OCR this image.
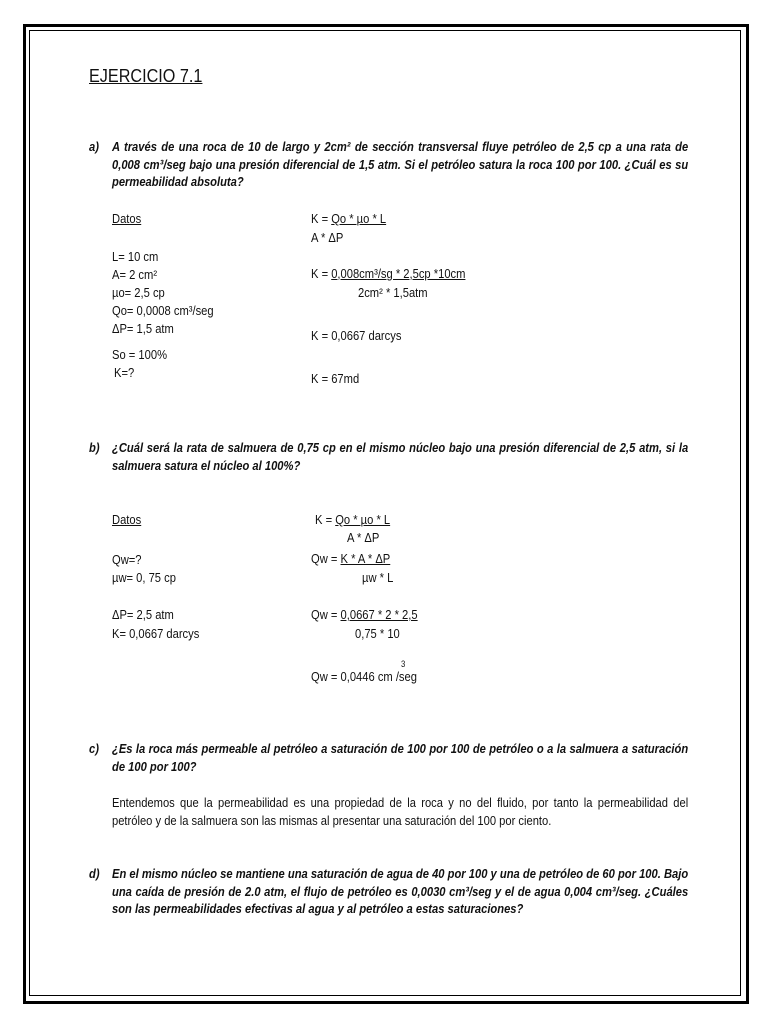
EJERCICIO 7.1
a) A través de una roca de 10 de largo y 2cm² de sección transversal fluye petróleo de 2,5 cp a una rata de 0,008 cm³/seg bajo una presión diferencial de 1,5 atm. Si el petróleo satura la roca 100 por 100. ¿Cuál es su permeabilidad absoluta?
Datos
L= 10 cm
A= 2 cm²
µo= 2,5 cp
Qo= 0,0008 cm³/seg
ΔP= 1,5 atm
So = 100%
K=?
K = Qo * µo * L
A * ΔP
K = 0,008cm³/sg * 2,5cp *10cm
2cm² * 1,5atm
K = 0,0667 darcys
K = 67md
b) ¿Cuál será la rata de salmuera de 0,75 cp en el mismo núcleo bajo una presión diferencial de 2,5 atm, si la salmuera satura el núcleo al 100%?
Datos
Qw=?
µw= 0, 75 cp
ΔP= 2,5 atm
K= 0,0667 darcys
K = Qo * µo * L
A * ΔP
Qw = K * A * ΔP
µw * L
Qw = 0,0667 * 2 * 2,5
0,75 * 10
Qw = 0,0446 cm /seg
3
c) ¿Es la roca más permeable al petróleo a saturación de 100 por 100 de petróleo o a la salmuera a saturación de 100 por 100?
Entendemos que la permeabilidad es una propiedad de la roca y no del fluido, por tanto la permeabilidad del petróleo y de la salmuera son las mismas al presentar una saturación del 100 por ciento.
d) En el mismo núcleo se mantiene una saturación de agua de 40 por 100 y una de petróleo de 60 por 100. Bajo una caída de presión de 2.0 atm, el flujo de petróleo es 0,0030 cm³/seg y el de agua 0,004 cm³/seg. ¿Cuáles son las permeabilidades efectivas al agua y al petróleo a estas saturaciones?
